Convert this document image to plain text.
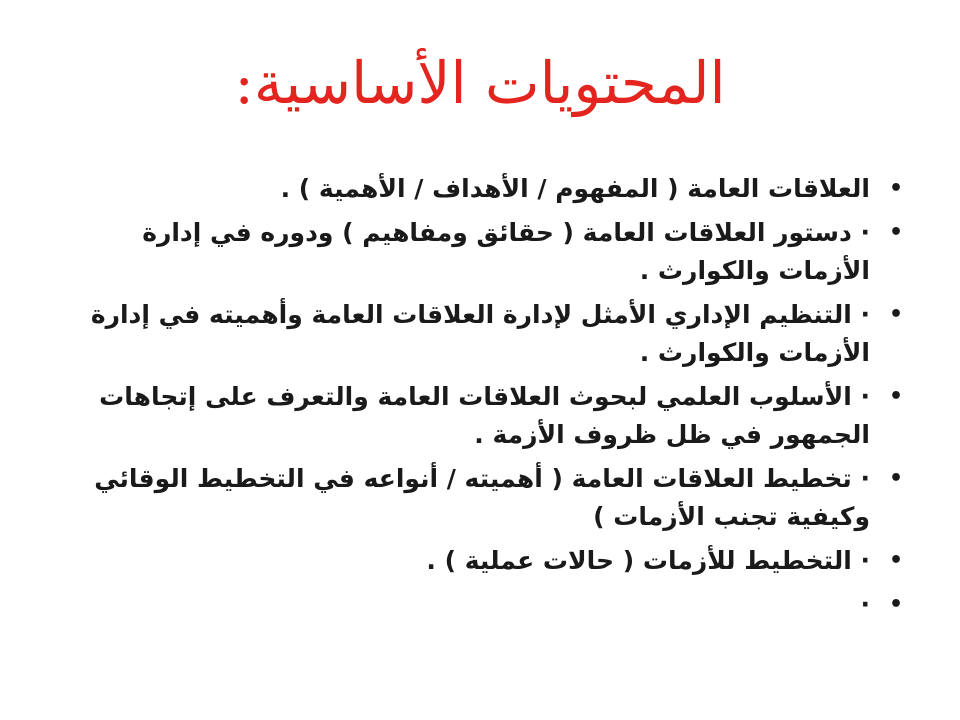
المحتويات الأساسية:
•
العلاقات العامة ( المفهوم / الأهداف / الأهمية ) .
•
· دستور العلاقات العامة ( حقائق ومفاهيم ) ودوره في إدارة الأزمات والكوارث .
•
· التنظيم الإداري الأمثل لإدارة العلاقات العامة وأهميته في إدارة الأزمات والكوارث .
•
· الأسلوب العلمي لبحوث العلاقات العامة والتعرف على إتجاهات الجمهور في ظل ظروف الأزمة .
•
· تخطيط العلاقات العامة ( أهميته / أنواعه في التخطيط الوقائي وكيفية تجنب الأزمات )
•
· التخطيط للأزمات ( حالات عملية ) .
•
·
